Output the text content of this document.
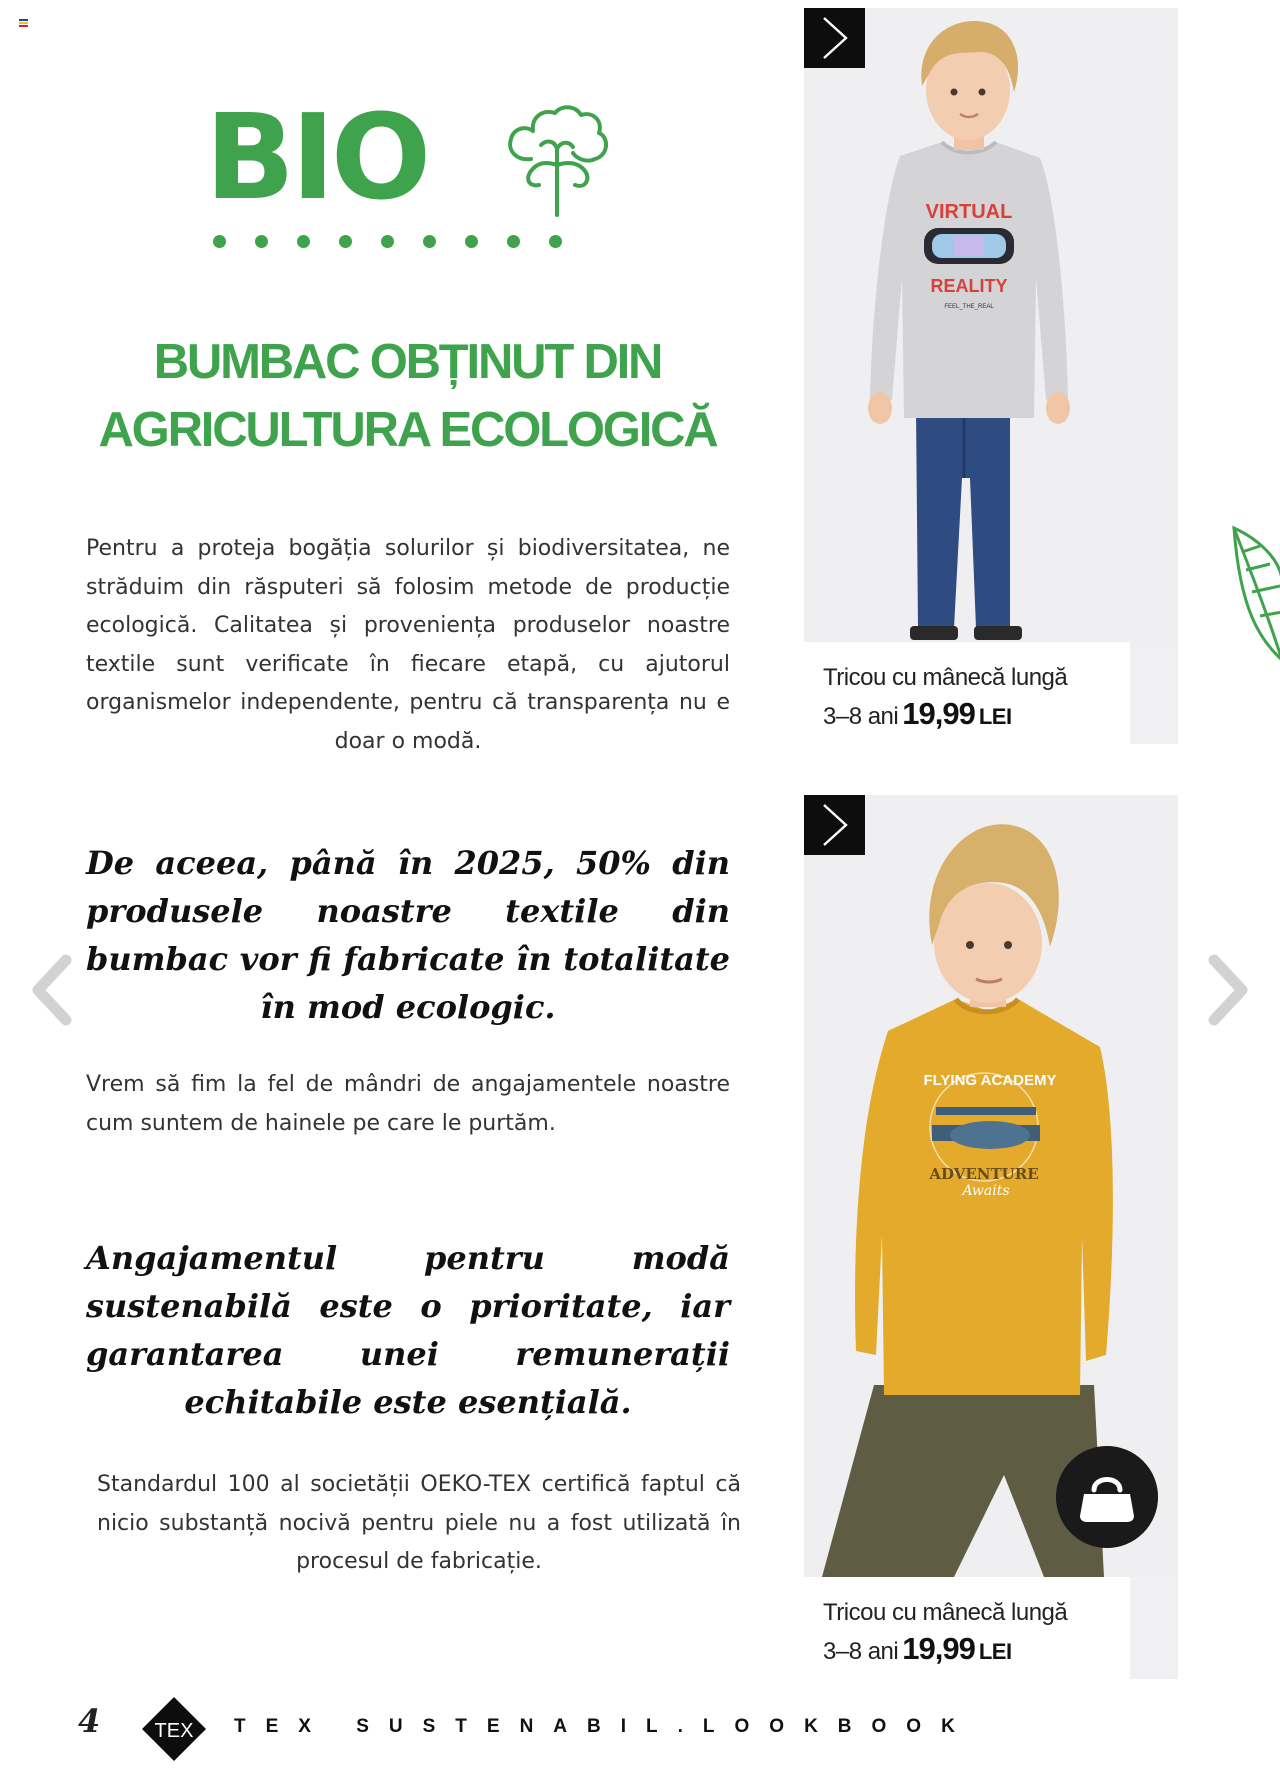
BIO
BUMBAC OBȚINUT DIN
AGRICULTURA ECOLOGICĂ
Pentru a proteja bogăția solurilor și biodiversitatea, ne străduim din răsputeri să folosim metode de producție ecologică. Calitatea și proveniența produselor noastre textile sunt verificate în fiecare etapă, cu ajutorul organismelor independente, pentru că transparența nu e doar o modă.
De aceea, până în 2025, 50% din produsele noastre textile din bumbac vor fi fabricate în totalitate în mod ecologic.
Vrem să fim la fel de mândri de angajamentele noastre cum suntem de hainele pe care le purtăm.
Angajamentul pentru modă sustenabilă este o prioritate, iar garantarea unei remunerații echitabile este esențială.
Standardul 100 al societății OEKO-TEX certifică faptul că nicio substanță nocivă pentru piele nu a fost utilizată în procesul de fabricație.
VIRTUAL
REALITY
FEEL_THE_REAL
Tricou cu mânecă lungă
3–8 ani 19,99 LEI
FLYING ACADEMY
ADVENTURE
Awaits
Tricou cu mânecă lungă
3–8 ani 19,99 LEI
4	TEX TEX SUSTENABIL.LOOKBOOK
